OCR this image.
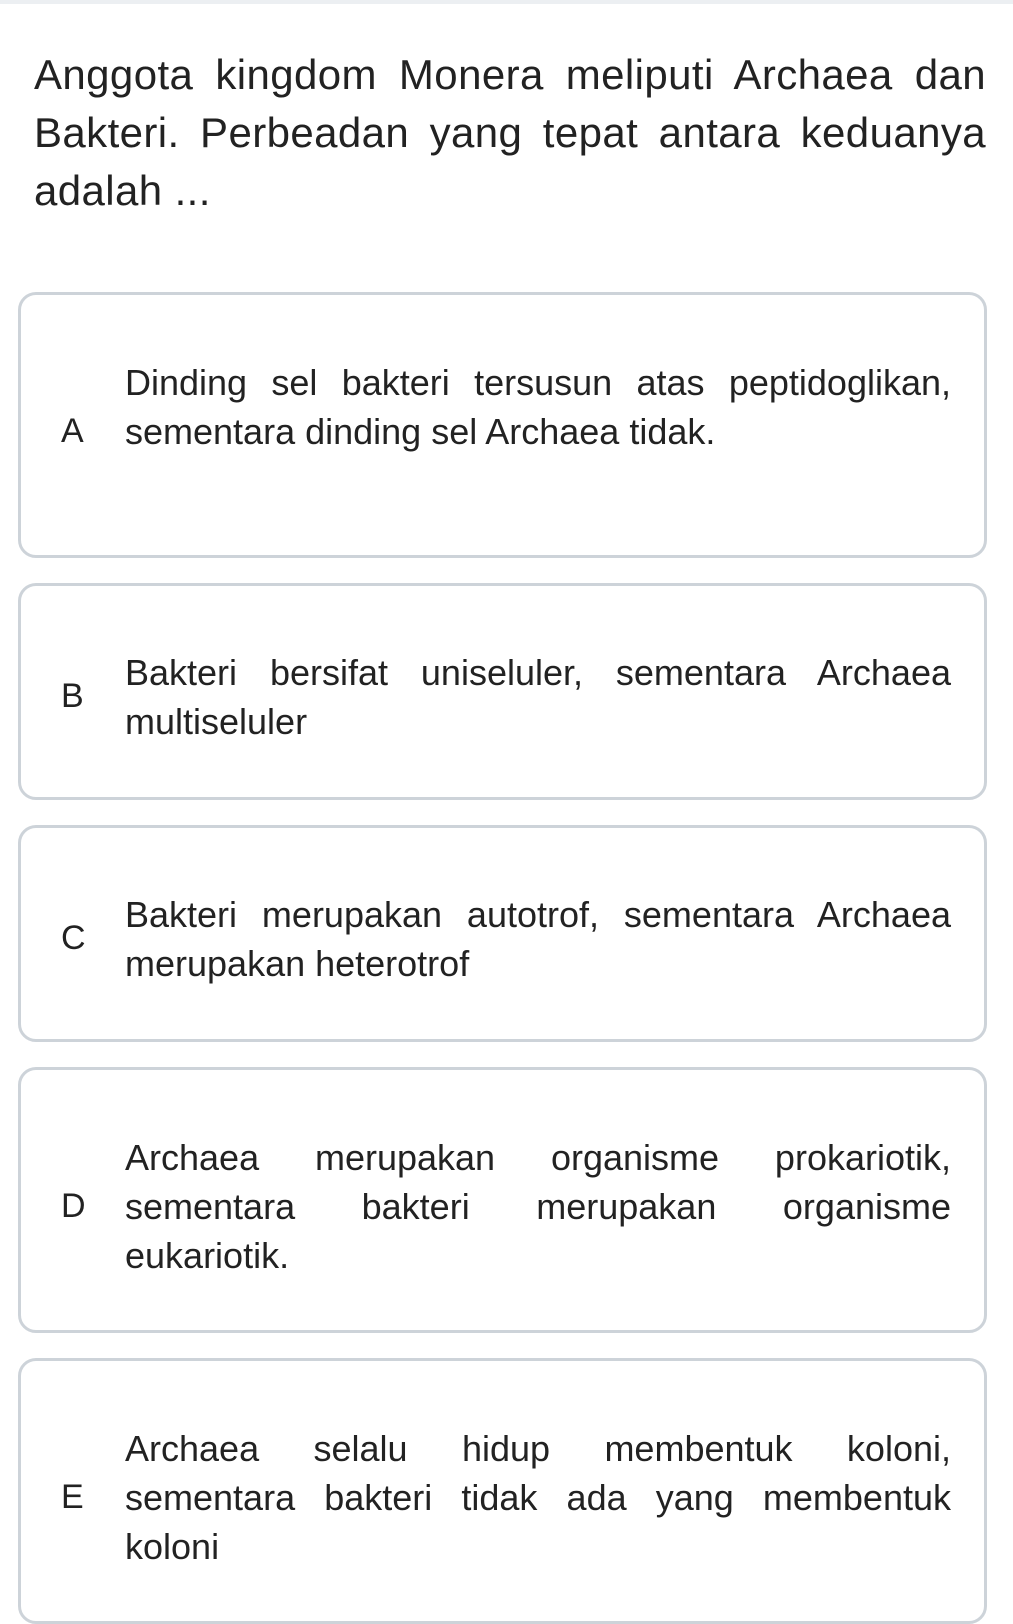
Anggota kingdom Monera meliputi Archaea dan Bakteri. Perbeadan yang tepat antara keduanya adalah ...

A
Dinding sel bakteri tersusun atas peptidoglikan, sementara dinding sel Archaea tidak.
B
Bakteri bersifat uniseluler, sementara Archaea multiseluler
C
Bakteri merupakan autotrof, sementara Archaea merupakan heterotrof
D
Archaea merupakan organisme prokariotik, sementara bakteri merupakan organisme eukariotik.
E
Archaea selalu hidup membentuk koloni, sementara bakteri tidak ada yang membentuk koloni
